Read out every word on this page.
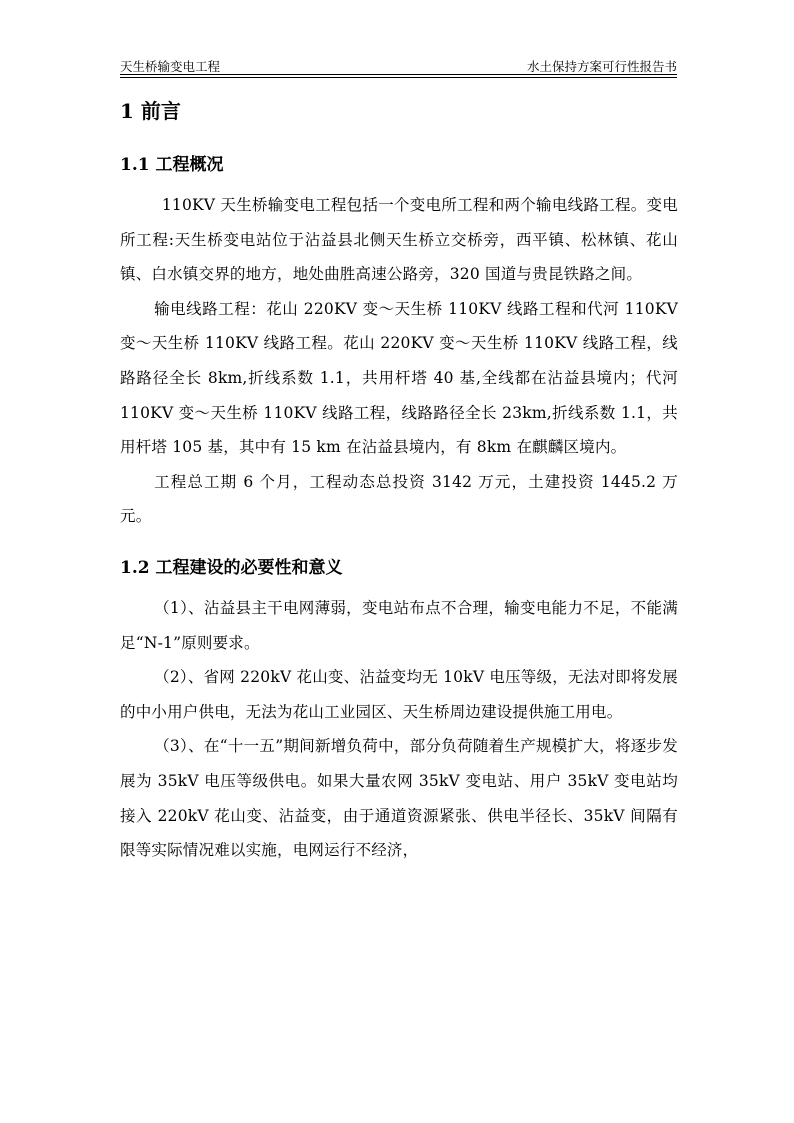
天生桥输变电工程	水土保持方案可行性报告书
1 前言
1.1 工程概况

110KV 天生桥输变电工程包括一个变电所工程和两个输电线路工程。变电所工程:天生桥变电站位于沾益县北侧天生桥立交桥旁，西平镇、松林镇、花山镇、白水镇交界的地方，地处曲胜高速公路旁，320 国道与贵昆铁路之间。

输电线路工程：花山 220KV 变～天生桥 110KV 线路工程和代河 110KV 变～天生桥 110KV 线路工程。花山 220KV 变～天生桥 110KV 线路工程，线路路径全长 8km,折线系数 1.1，共用杆塔 40 基,全线都在沾益县境内；代河 110KV 变～天生桥 110KV 线路工程，线路路径全长 23km,折线系数 1.1，共用杆塔 105 基，其中有 15 km 在沾益县境内，有 8km 在麒麟区境内。

工程总工期 6 个月，工程动态总投资 3142 万元，土建投资 1445.2 万元。

1.2 工程建设的必要性和意义

（1）、沾益县主干电网薄弱，变电站布点不合理，输变电能力不足，不能满足“N-1”原则要求。

（2）、省网 220kV 花山变、沾益变均无 10kV 电压等级，无法对即将发展的中小用户供电，无法为花山工业园区、天生桥周边建设提供施工用电。

（3）、在“十一五”期间新增负荷中，部分负荷随着生产规模扩大，将逐步发展为 35kV 电压等级供电。如果大量农网 35kV 变电站、用户 35kV 变电站均接入 220kV 花山变、沾益变，由于通道资源紧张、供电半径长、35kV 间隔有限等实际情况难以实施，电网运行不经济，
